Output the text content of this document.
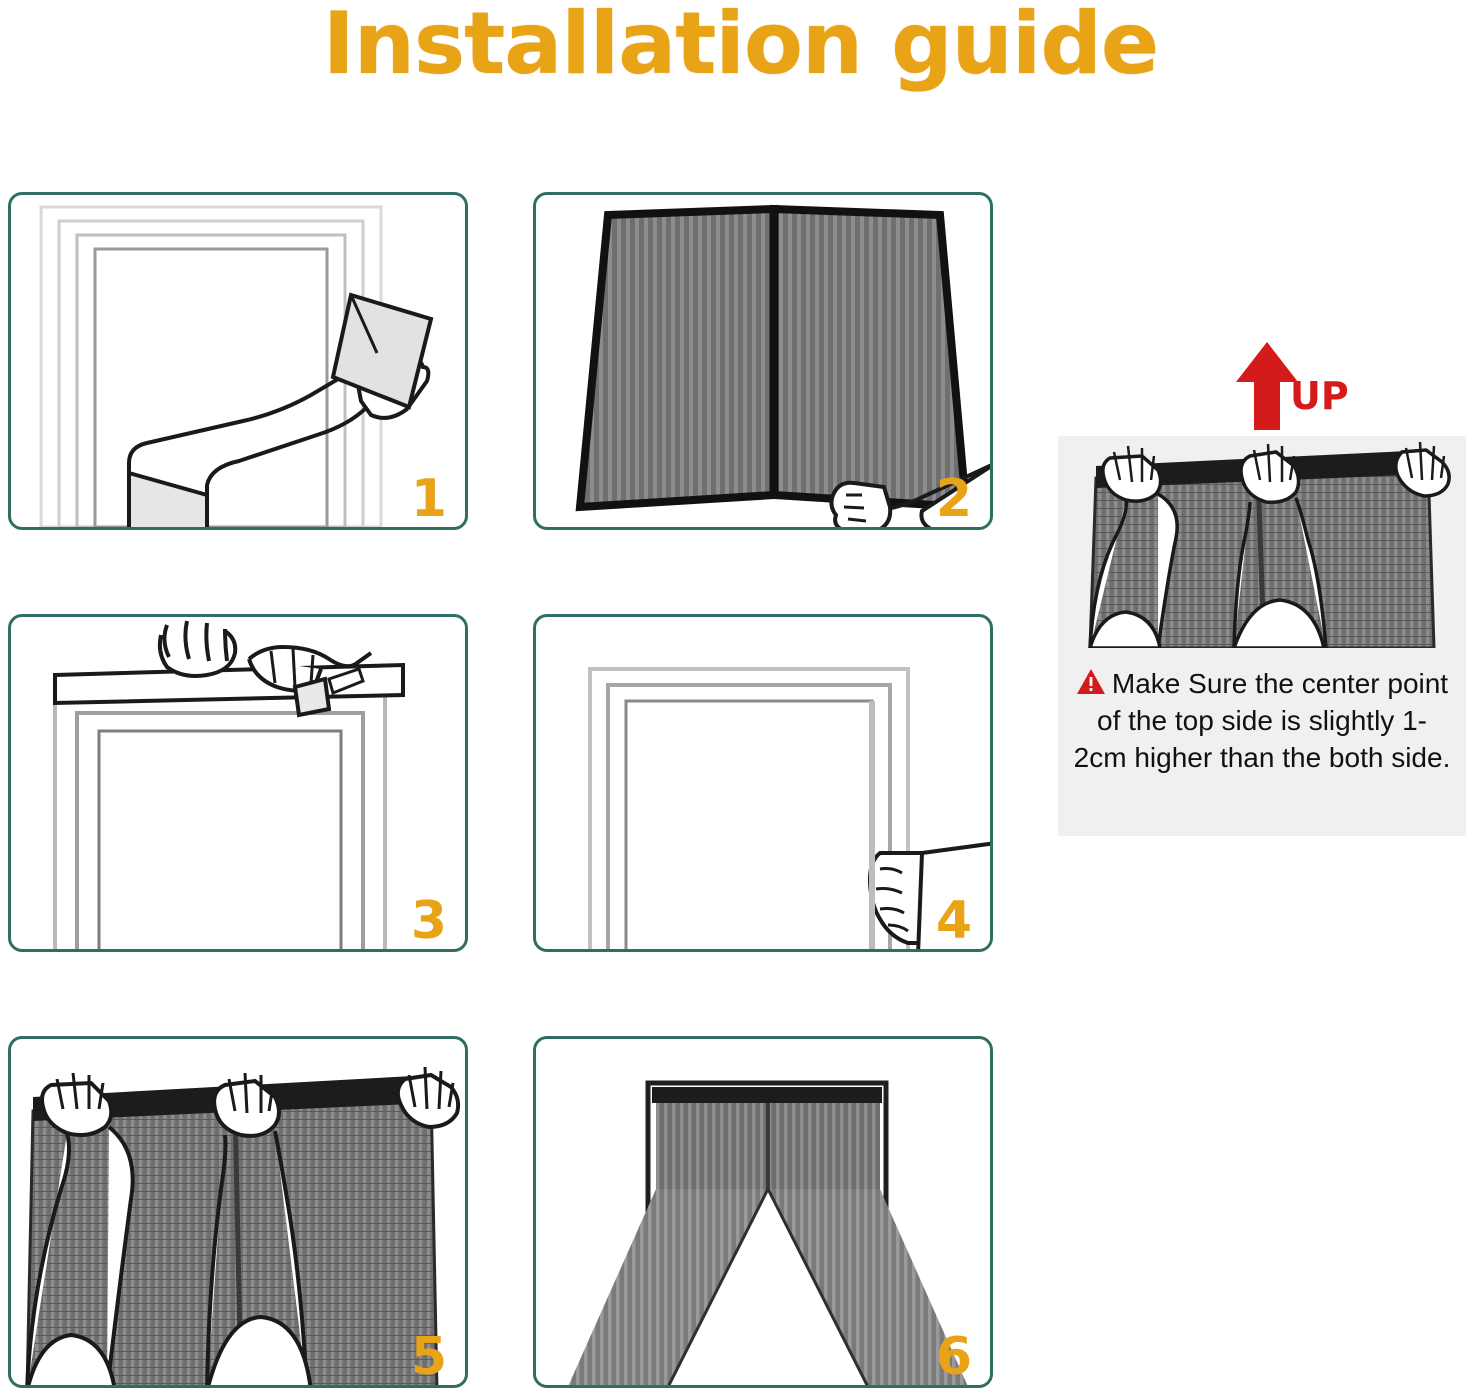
Installation guide
1	2
3	4
5	6
UP
Make Sure the center point of the top side is slightly 1-2cm higher than the both side.
